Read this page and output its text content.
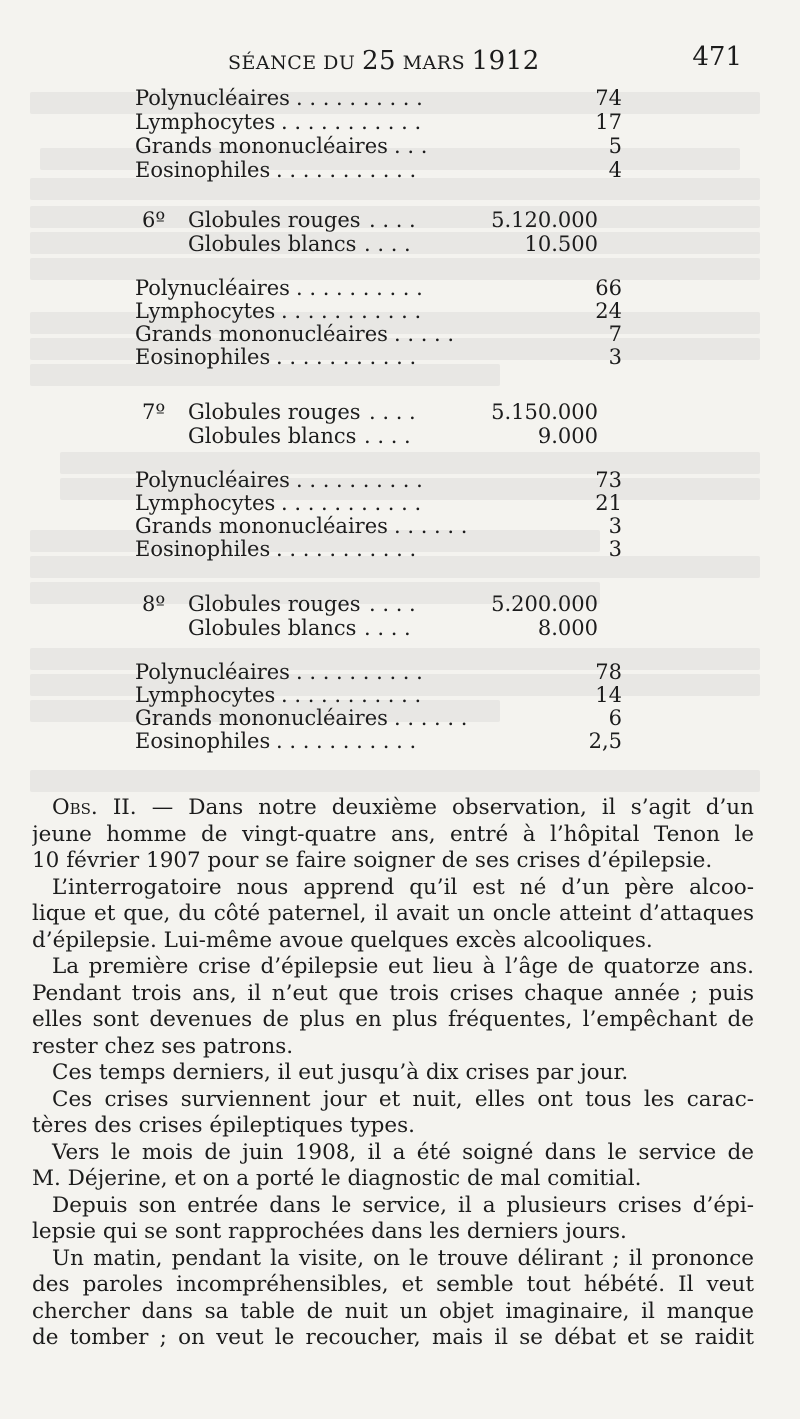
SÉANCE DU 25 MARS 1912	471
Polynucléaires . . . . . . . . . .	74
Lymphocytes . . . . . . . . . . .	17
Grands mononucléaires . . .	5
Eosinophiles . . . . . . . . . . .	4
6º Globules rouges . . . .	5.120.000
Globules blancs . . . .	10.500
Polynucléaires . . . . . . . . . .	66
Lymphocytes . . . . . . . . . . .	24
Grands mononucléaires . . . . .	7
Eosinophiles . . . . . . . . . . .	3
7º Globules rouges . . . .	5.150.000
Globules blancs . . . .	9.000
Polynucléaires . . . . . . . . . .	73
Lymphocytes . . . . . . . . . . .	21
Grands mononucléaires . . . . . .	3
Eosinophiles . . . . . . . . . . .	3
8º Globules rouges . . . .	5.200.000
Globules blancs . . . .	8.000
Polynucléaires . . . . . . . . . .	78
Lymphocytes . . . . . . . . . . .	14
Grands mononucléaires . . . . . .	6
Eosinophiles . . . . . . . . . . .	2,5
Obs. II. — Dans notre deuxième observation, il s’agit d’un
jeune homme de vingt-quatre ans, entré à l’hôpital Tenon le
10 février 1907 pour se faire soigner de ses crises d’épilepsie.
L’interrogatoire nous apprend qu’il est né d’un père alcoo-
lique et que, du côté paternel, il avait un oncle atteint d’attaques
d’épilepsie. Lui-même avoue quelques excès alcooliques.
La première crise d’épilepsie eut lieu à l’âge de quatorze ans.
Pendant trois ans, il n’eut que trois crises chaque année ; puis
elles sont devenues de plus en plus fréquentes, l’empêchant de
rester chez ses patrons.
Ces temps derniers, il eut jusqu’à dix crises par jour.
Ces crises surviennent jour et nuit, elles ont tous les carac-
tères des crises épileptiques types.
Vers le mois de juin 1908, il a été soigné dans le service de
M. Déjerine, et on a porté le diagnostic de mal comitial.
Depuis son entrée dans le service, il a plusieurs crises d’épi-
lepsie qui se sont rapprochées dans les derniers jours.
Un matin, pendant la visite, on le trouve délirant ; il prononce
des paroles incompréhensibles, et semble tout hébété. Il veut
chercher dans sa table de nuit un objet imaginaire, il manque
de tomber ; on veut le recoucher, mais il se débat et se raidit
